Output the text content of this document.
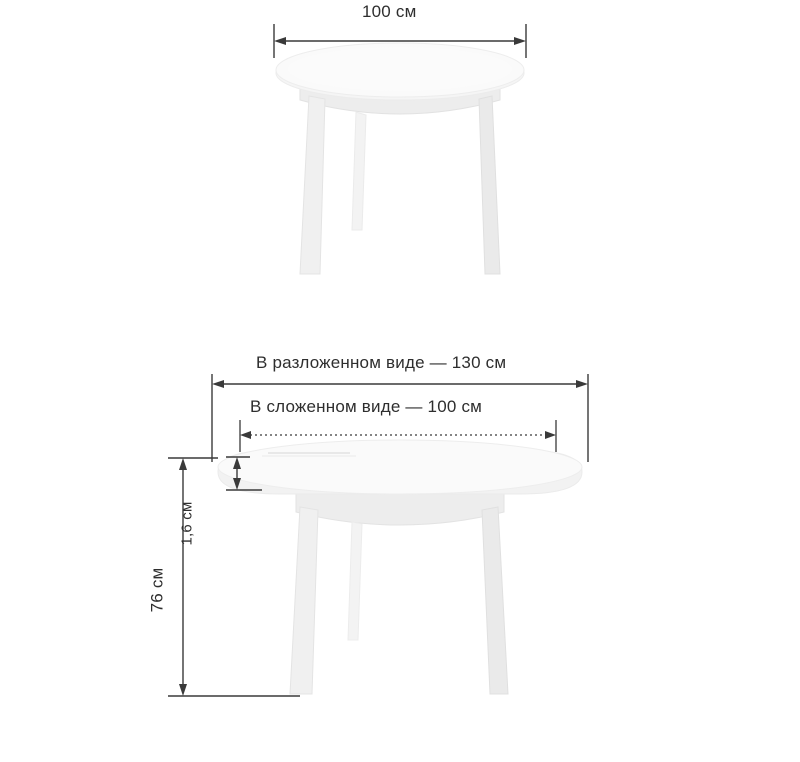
100 см
В разложенном виде — 130 см
В сложенном виде — 100 см
1,6 см
76 см
